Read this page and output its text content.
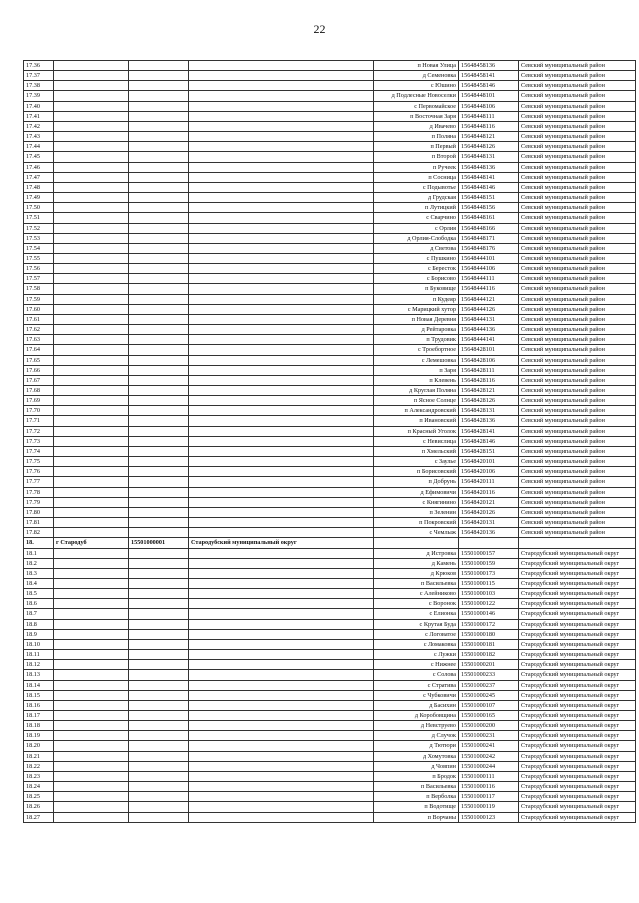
22
17.36				п Новая Улица	15648458136	Севский муниципальный район
17.37				д Семеновка	15648458141	Севский муниципальный район
17.38				с Юшино	15648458146	Севский муниципальный район
17.39				д Подлесные Новоселки	15648448101	Севский муниципальный район
17.40				с Первомайское	15648448106	Севский муниципальный район
17.41				п Восточная Заря	15648448111	Севский муниципальный район
17.42				д Ивачево	15648448116	Севский муниципальный район
17.43				п Поляна	15648448121	Севский муниципальный район
17.44				п Первый	15648448126	Севский муниципальный район
17.45				п Второй	15648448131	Севский муниципальный район
17.46				п Ручеек	15648448136	Севский муниципальный район
17.47				п Сосница	15648448141	Севский муниципальный район
17.48				с Подывотье	15648448146	Севский муниципальный район
17.49				д Грудская	15648448151	Севский муниципальный район
17.50				п Лутицкий	15648448156	Севский муниципальный район
17.51				с Сварчино	15648448161	Севский муниципальный район
17.52				с Орлия	15648448166	Севский муниципальный район
17.53				д Орлия-Слободка	15648448171	Севский муниципальный район
17.54				д Светова	15648448176	Севский муниципальный район
17.55				с Пушкино	15648444101	Севский муниципальный район
17.56				с Бересток	15648444106	Севский муниципальный район
17.57				с Борисово	15648444111	Севский муниципальный район
17.58				п Буковище	15648444116	Севский муниципальный район
17.59				п Кудеяр	15648444121	Севский муниципальный район
17.60				с Марицкий хутор	15648444126	Севский муниципальный район
17.61				п Новая Деревня	15648444131	Севский муниципальный район
17.62				д Рейтаровка	15648444136	Севский муниципальный район
17.63				п Трудовик	15648444141	Севский муниципальный район
17.64				с Троебортное	15648428101	Севский муниципальный район
17.65				с Лемешовка	15648428106	Севский муниципальный район
17.66				п Заря	15648428111	Севский муниципальный район
17.67				п Клевень	15648428116	Севский муниципальный район
17.68				д Круглая Поляна	15648428121	Севский муниципальный район
17.69				п Ясное Солнце	15648428126	Севский муниципальный район
17.70				п Александровский	15648428131	Севский муниципальный район
17.71				п Ивановский	15648428136	Севский муниципальный район
17.72				п Красный Уголок	15648428141	Севский муниципальный район
17.73				с Невислица	15648428146	Севский муниципальный район
17.74				п Хмельский	15648428151	Севский муниципальный район
17.75				с Заулье	15648420101	Севский муниципальный район
17.76				п Борисовский	15648420106	Севский муниципальный район
17.77				п Добрунь	15648420111	Севский муниципальный район
17.78				д Ефимовичи	15648420116	Севский муниципальный район
17.79				с Княгинино	15648420121	Севский муниципальный район
17.80				п Зеленин	15648420126	Севский муниципальный район
17.81				п Покровский	15648420131	Севский муниципальный район
17.82				с Чемлыж	15648420136	Севский муниципальный район
18.	г Стародуб	15501000001	Стародубский муниципальный округ			
18.1				д Истровка	15501000157	Стародубский муниципальный округ
18.2				д Камень	15501000159	Стародубский муниципальный округ
18.3				д Крюков	15501000173	Стародубский муниципальный округ
18.4				п Васильевка	15501000115	Стародубский муниципальный округ
18.5				с Алейниково	15501000103	Стародубский муниципальный округ
18.6				с Воронок	15501000122	Стародубский муниципальный округ
18.7				с Елионка	15501000146	Стародубский муниципальный округ
18.8				с Крутая Буда	15501000172	Стародубский муниципальный округ
18.9				с Логоватое	15501000180	Стародубский муниципальный округ
18.10				с Ломаковка	15501000181	Стародубский муниципальный округ
18.11				с Лужки	15501000182	Стародубский муниципальный округ
18.12				с Нижнее	15501000201	Стародубский муниципальный округ
18.13				с Солова	15501000233	Стародубский муниципальный округ
18.14				с Стратива	15501000237	Стародубский муниципальный округ
18.15				с Чубковичи	15501000245	Стародубский муниципальный округ
18.16				д Басихин	15501000107	Стародубский муниципальный округ
18.17				д Коробовщина	15501000165	Стародубский муниципальный округ
18.18				д Невструево	15501000200	Стародубский муниципальный округ
18.19				д Случок	15501000231	Стародубский муниципальный округ
18.20				д Тютюри	15501000241	Стародубский муниципальный округ
18.21				д Хомутовка	15501000242	Стародубский муниципальный округ
18.22				д Човпин	15501000244	Стародубский муниципальный округ
18.23				п Бродок	15501000111	Стародубский муниципальный округ
18.24				п Васильевка	15501000116	Стародубский муниципальный округ
18.25				п Верболка	15501000117	Стародубский муниципальный округ
18.26				п Водотище	15501000119	Стародубский муниципальный округ
18.27				п Ворчаны	15501000123	Стародубский муниципальный округ
